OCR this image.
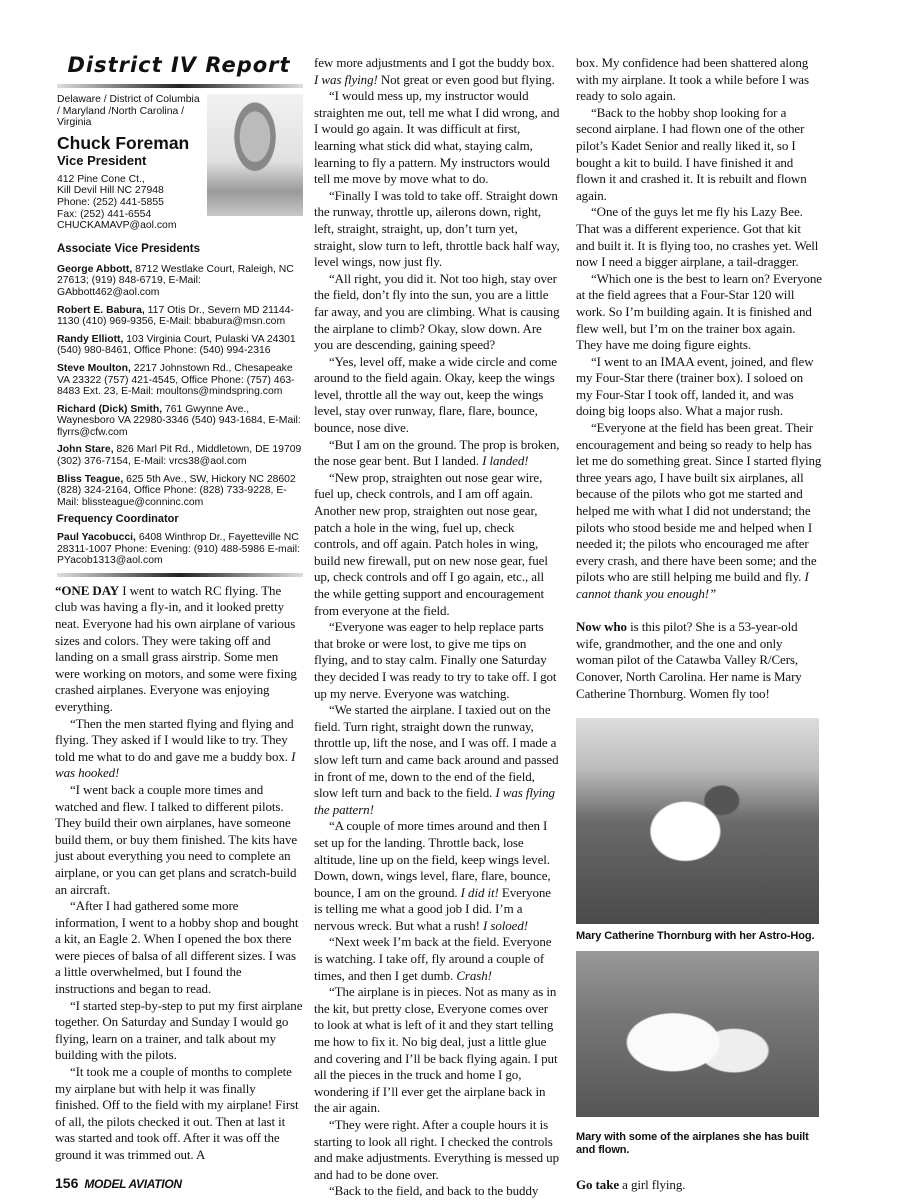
District IV Report
Delaware / District of Columbia / Maryland /North Carolina / Virginia
Chuck Foreman
Vice President
412 Pine Cone Ct.,
Kill Devil Hill NC 27948
Phone: (252) 441-5855
Fax: (252) 441-6554
CHUCKAMAVP@aol.com
Associate Vice Presidents
George Abbott, 8712 Westlake Court, Raleigh, NC 27613; (919) 848-6719, E-Mail: GAbbott462@aol.com
Robert E. Babura, 117 Otis Dr., Severn MD 21144-1130 (410) 969-9356, E-Mail: bbabura@msn.com
Randy Elliott, 103 Virginia Court, Pulaski VA 24301 (540) 980-8461, Office Phone: (540) 994-2316
Steve Moulton, 2217 Johnstown Rd., Chesapeake VA 23322 (757) 421-4545, Office Phone: (757) 463-8483 Ext. 23, E-Mail: moultons@mindspring.com
Richard (Dick) Smith, 761 Gwynne Ave., Waynesboro VA 22980-3346 (540) 943-1684, E-Mail: flyrrs@cfw.com
John Stare, 826 Marl Pit Rd., Middletown, DE 19709 (302) 376-7154, E-Mail: vrcs38@aol.com
Bliss Teague, 625 5th Ave., SW, Hickory NC 28602 (828) 324-2164, Office Phone: (828) 733-9228, E-Mail: blissteague@conninc.com
Frequency Coordinator
Paul Yacobucci, 6408 Winthrop Dr., Fayetteville NC 28311-1007 Phone: Evening: (910) 488-5986 E-mail: PYacob1313@aol.com

“ONE DAY I went to watch RC flying. The club was having a fly-in, and it looked pretty neat. Everyone had his own airplane of various sizes and colors. They were taking off and landing on a small grass airstrip. Some men were working on motors, and some were fixing crashed airplanes. Everyone was enjoying everything.

“Then the men started flying and flying and flying. They asked if I would like to try. They told me what to do and gave me a buddy box. I was hooked!

“I went back a couple more times and watched and flew. I talked to different pilots. They build their own airplanes, have someone build them, or buy them finished. The kits have just about everything you need to complete an airplane, or you can get plans and scratch-build an aircraft.

“After I had gathered some more information, I went to a hobby shop and bought a kit, an Eagle 2. When I opened the box there were pieces of balsa of all different sizes. I was a little overwhelmed, but I found the instructions and began to read.

“I started step-by-step to put my first airplane together. On Saturday and Sunday I would go flying, learn on a trainer, and talk about my building with the pilots.

“It took me a couple of months to complete my airplane but with help it was finally finished. Off to the field with my airplane! First of all, the pilots checked it out. Then at last it was started and took off. After it was off the ground it was trimmed out. A

156 MODEL AVIATION

few more adjustments and I got the buddy box. I was flying! Not great or even good but flying.

“I would mess up, my instructor would straighten me out, tell me what I did wrong, and I would go again. It was difficult at first, learning what stick did what, staying calm, learning to fly a pattern. My instructors would tell me move by move what to do.

“Finally I was told to take off. Straight down the runway, throttle up, ailerons down, right, left, straight, straight, up, don’t turn yet, straight, slow turn to left, throttle back half way, level wings, now just fly.

“All right, you did it. Not too high, stay over the field, don’t fly into the sun, you are a little far away, and you are climbing. What is causing the airplane to climb? Okay, slow down. Are you are descending, gaining speed?

“Yes, level off, make a wide circle and come around to the field again. Okay, keep the wings level, throttle all the way out, keep the wings level, stay over runway, flare, flare, bounce, bounce, nose dive.

“But I am on the ground. The prop is broken, the nose gear bent. But I landed. I landed!

“New prop, straighten out nose gear wire, fuel up, check controls, and I am off again. Another new prop, straighten out nose gear, patch a hole in the wing, fuel up, check controls, and off again. Patch holes in wing, build new firewall, put on new nose gear, fuel up, check controls and off I go again, etc., all the while getting support and encouragement from everyone at the field.

“Everyone was eager to help replace parts that broke or were lost, to give me tips on flying, and to stay calm. Finally one Saturday they decided I was ready to try to take off. I got up my nerve. Everyone was watching.

“We started the airplane. I taxied out on the field. Turn right, straight down the runway, throttle up, lift the nose, and I was off. I made a slow left turn and came back around and passed in front of me, down to the end of the field, slow left turn and back to the field. I was flying the pattern!

“A couple of more times around and then I set up for the landing. Throttle back, lose altitude, line up on the field, keep wings level. Down, down, wings level, flare, flare, bounce, bounce, I am on the ground. I did it! Everyone is telling me what a good job I did. I’m a nervous wreck. But what a rush! I soloed!

“Next week I’m back at the field. Everyone is watching. I take off, fly around a couple of times, and then I get dumb. Crash!

“The airplane is in pieces. Not as many as in the kit, but pretty close, Everyone comes over to look at what is left of it and they start telling me how to fix it. No big deal, just a little glue and covering and I’ll be back flying again. I put all the pieces in the truck and home I go, wondering if I’ll ever get the airplane back in the air again.

“They were right. After a couple hours it is starting to look all right. I checked the controls and make adjustments. Everything is messed up and had to be done over.

“Back to the field, and back to the buddy

box. My confidence had been shattered along with my airplane. It took a while before I was ready to solo again.

“Back to the hobby shop looking for a second airplane. I had flown one of the other pilot’s Kadet Senior and really liked it, so I bought a kit to build. I have finished it and flown it and crashed it. It is rebuilt and flown again.

“One of the guys let me fly his Lazy Bee. That was a different experience. Got that kit and built it. It is flying too, no crashes yet. Well now I need a bigger airplane, a tail-dragger.

“Which one is the best to learn on? Everyone at the field agrees that a Four-Star 120 will work. So I’m building again. It is finished and flew well, but I’m on the trainer box again. They have me doing figure eights.

“I went to an IMAA event, joined, and flew my Four-Star there (trainer box). I soloed on my Four-Star I took off, landed it, and was doing big loops also. What a major rush.

“Everyone at the field has been great. Their encouragement and being so ready to help has let me do something great. Since I started flying three years ago, I have built six airplanes, all because of the pilots who got me started and helped me with what I did not understand; the pilots who stood beside me and helped when I needed it; the pilots who encouraged me after every crash, and there have been some; and the pilots who are still helping me build and fly. I cannot thank you enough!”

Now who is this pilot? She is a 53-year-old wife, grandmother, and the one and only woman pilot of the Catawba Valley R/Cers, Conover, North Carolina. Her name is Mary Catherine Thornburg. Women fly too!

Mary Catherine Thornburg with her Astro-Hog.
Mary with some of the airplanes she has built and flown.

Go take a girl flying.
